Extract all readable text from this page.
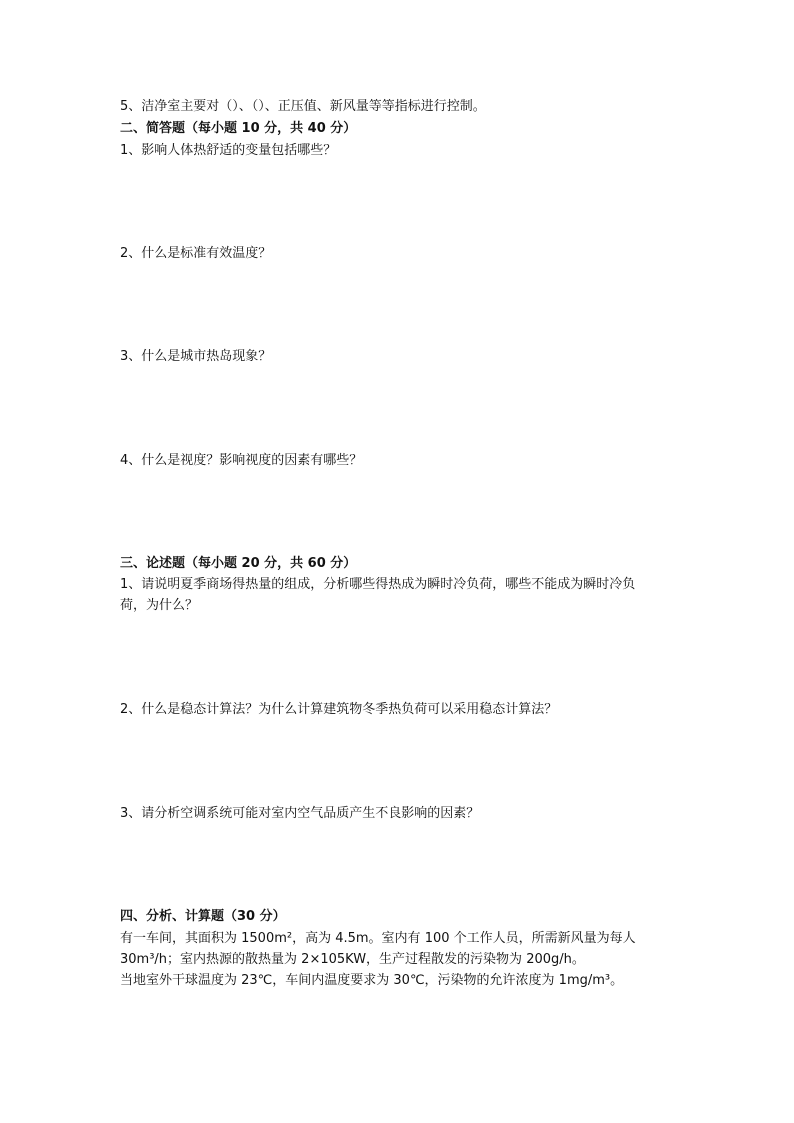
5、洁净室主要对（）、（）、正压值、新风量等等指标进行控制。
二、简答题（每小题 10 分，共 40 分）
1、影响人体热舒适的变量包括哪些？
2、什么是标准有效温度？
3、什么是城市热岛现象？
4、什么是视度？影响视度的因素有哪些？
三、论述题（每小题 20 分，共 60 分）
1、请说明夏季商场得热量的组成，分析哪些得热成为瞬时冷负荷，哪些不能成为瞬时冷负
荷，为什么？
2、什么是稳态计算法？为什么计算建筑物冬季热负荷可以采用稳态计算法？
3、请分析空调系统可能对室内空气品质产生不良影响的因素？
四、分析、计算题（30 分）
有一车间，其面积为 1500m²，高为 4.5m。室内有 100 个工作人员，所需新风量为每人
30m³/h；室内热源的散热量为 2×105KW，生产过程散发的污染物为 200g/h。
当地室外干球温度为 23℃，车间内温度要求为 30℃，污染物的允许浓度为 1mg/m³。
